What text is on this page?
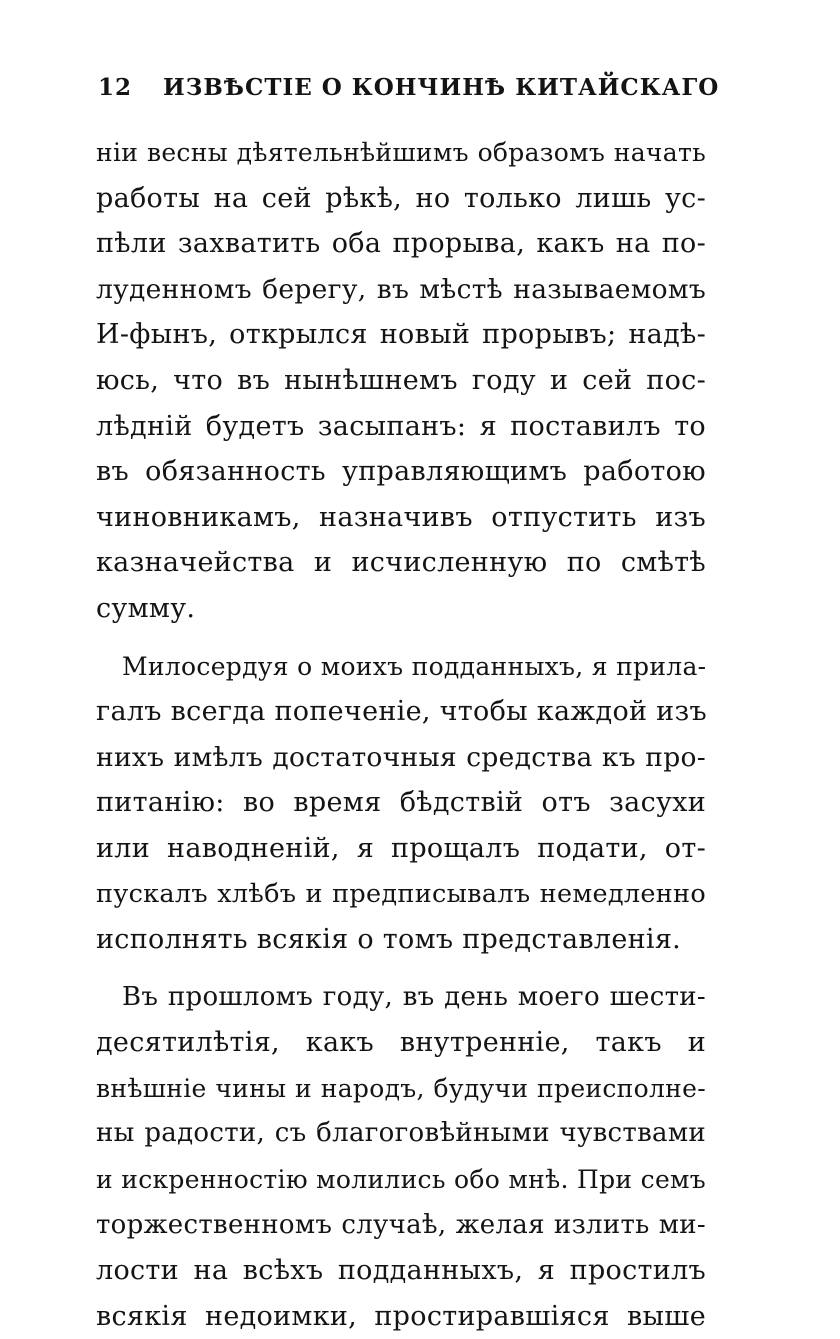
12 ИЗВѢСТІЕ О КОНЧИНѢ КИТАЙСКАГО
ніи весны дѣятельнѣйшимъ образомъ начать
работы на сей рѣкѣ, но только лишь ус-
пѣли захватить оба прорыва, какъ на по-
луденномъ берегу, въ мѣстѣ называемомъ
И-фынъ, открылся новый прорывъ; надѣ-
юсь, что въ нынѣшнемъ году и сей пос-
лѣдній будетъ засыпанъ: я поставилъ то
въ обязанность управляющимъ работою
чиновникамъ, назначивъ отпустить изъ
казначейства и исчисленную по смѣтѣ
сумму.
Милосердуя о моихъ подданныхъ, я прила-
галъ всегда попеченіе, чтобы каждой изъ
нихъ имѣлъ достаточныя средства къ про-
питанію: во время бѣдствій отъ засухи
или наводненій, я прощалъ подати, от-
пускалъ хлѣбъ и предписывалъ немедленно
исполнять всякія о томъ представленія.
Въ прошломъ году, въ день моего шести-
десятилѣтія, какъ внутренніе, такъ и
внѣшніе чины и народъ, будучи преисполне-
ны радости, съ благоговѣйными чувствами
и искренностію молились обо мнѣ. При семъ
торжественномъ случаѣ, желая излить ми-
лости на всѣхъ подданныхъ, я простилъ
всякія недоимки, простиравшіяся выше
